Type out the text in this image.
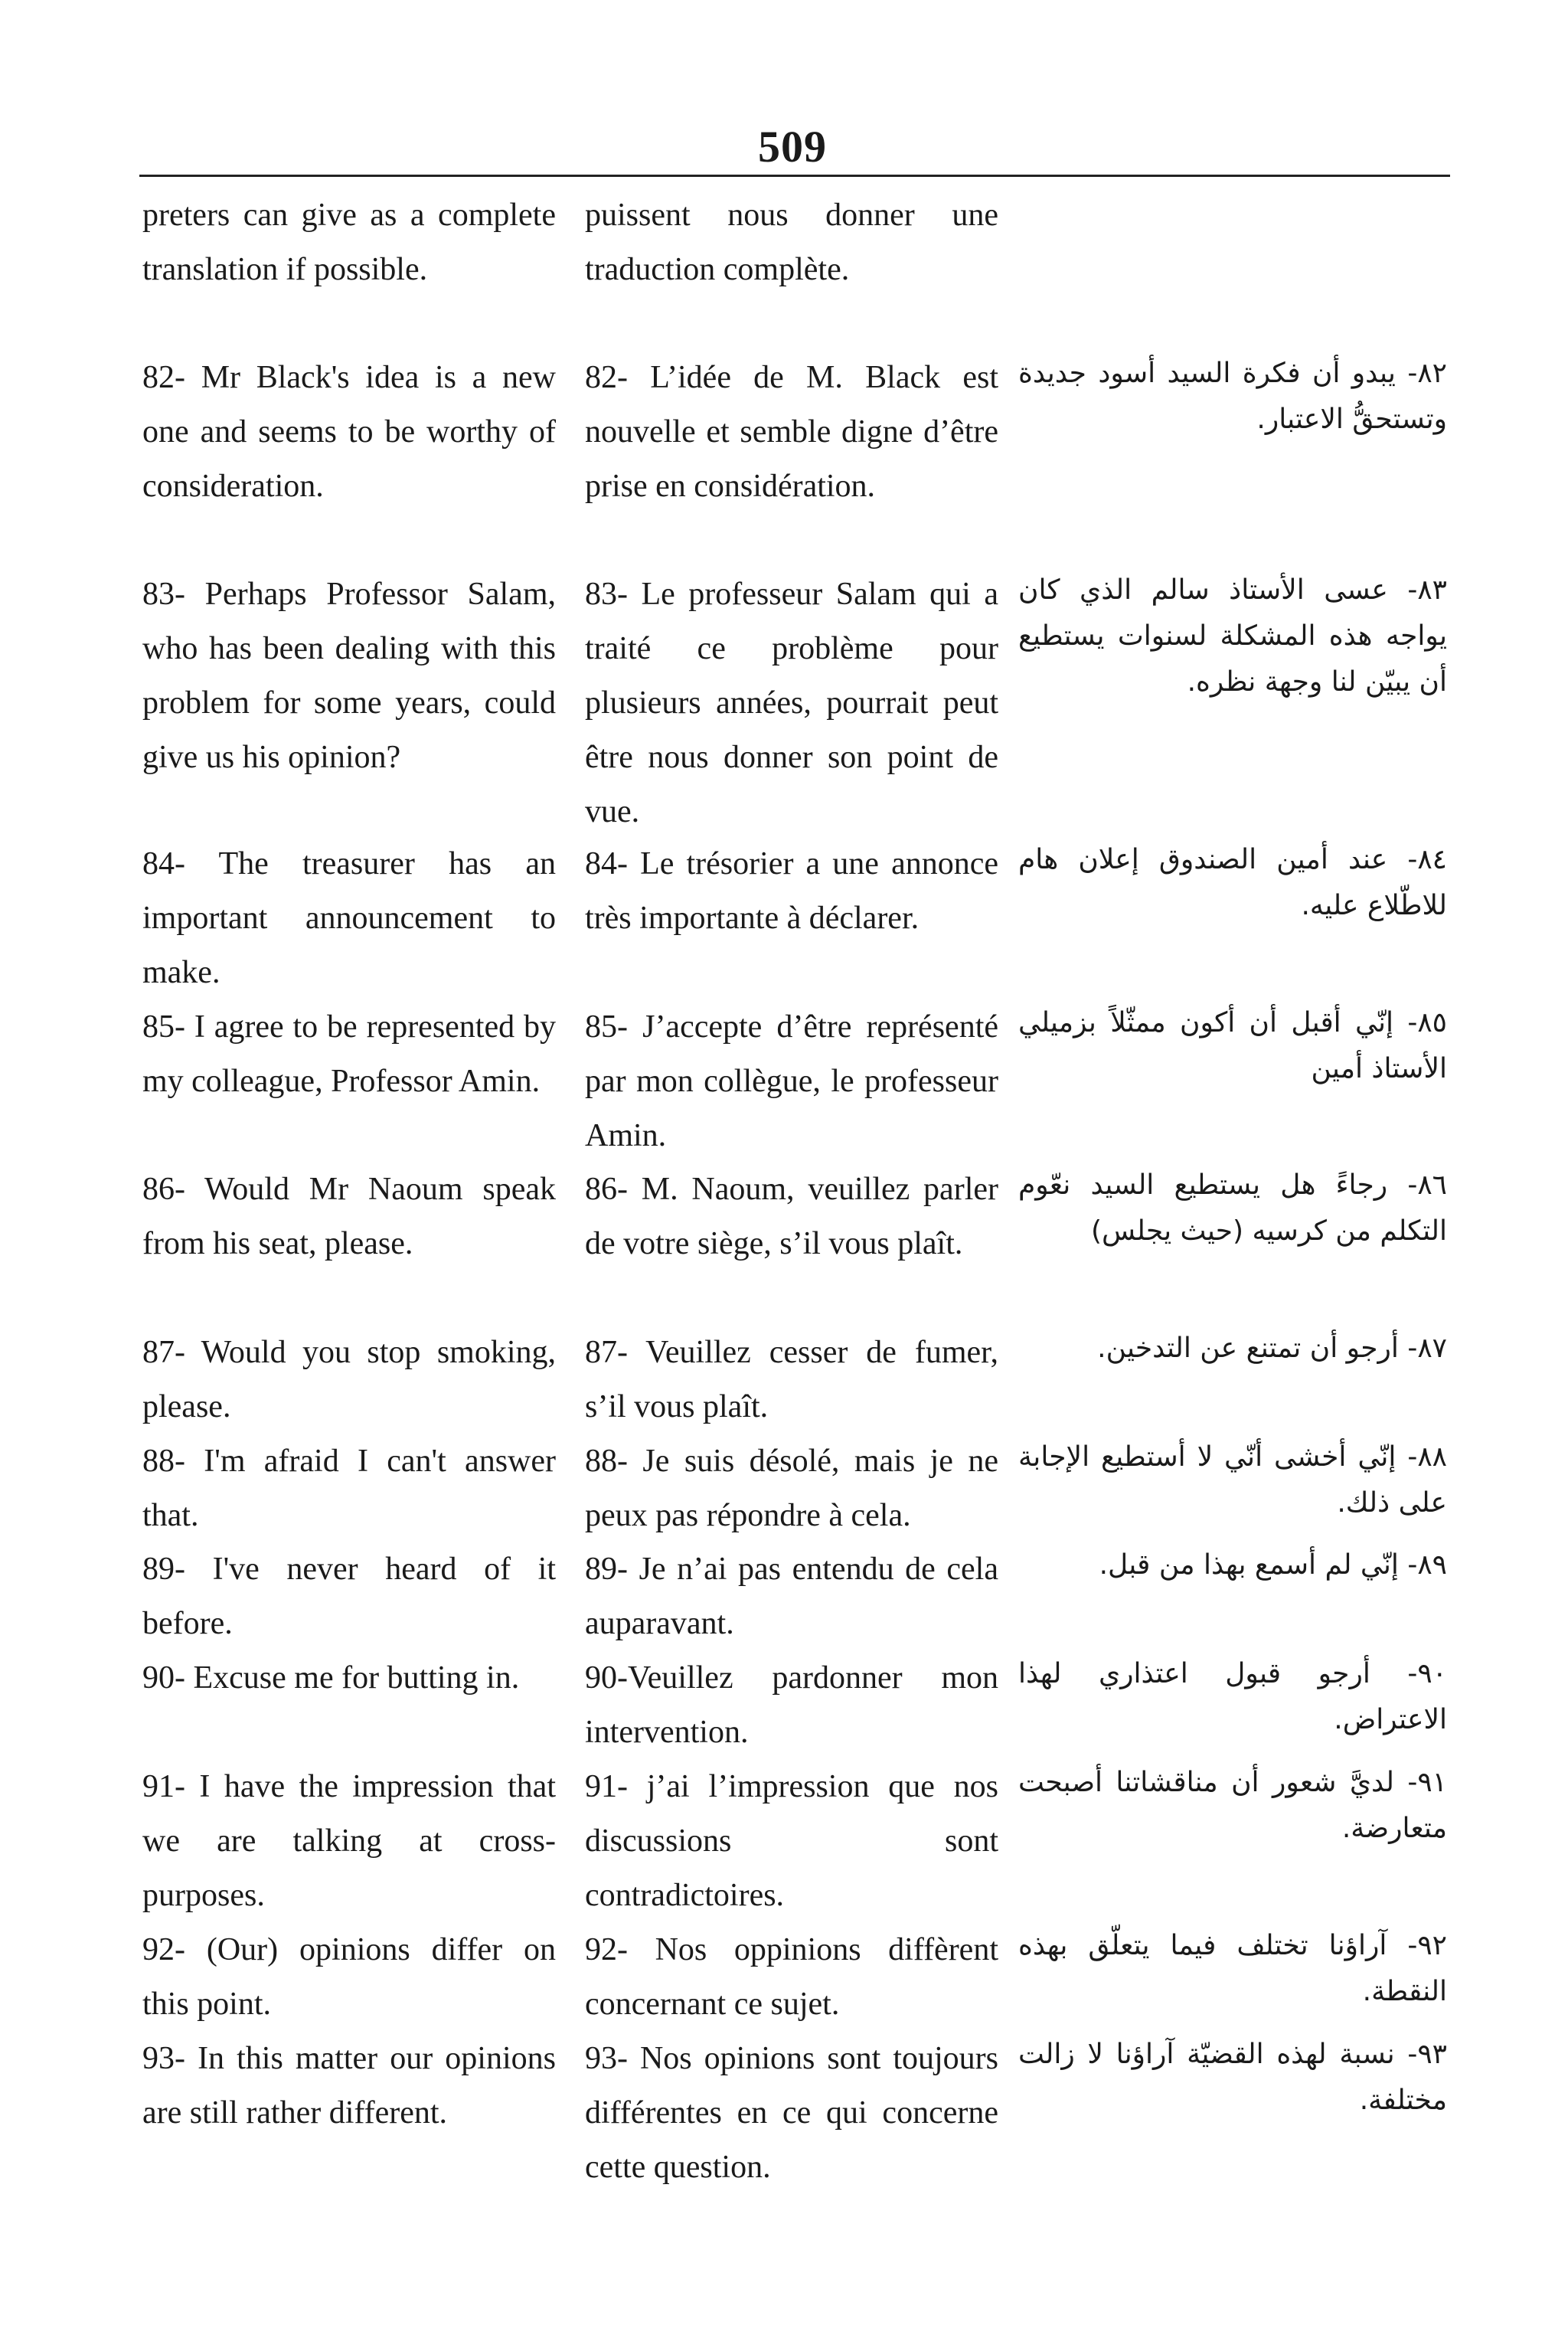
509
preters can give as a complete translation if possible.
puissent nous donner une traduction complète.
82- Mr Black's idea is a new one and seems to be worthy of consideration.
82- L’idée de M. Black est nouvelle et semble digne d’être prise en considération.
٨٢- يبدو أن فكرة السيد أسود جديدة وتستحقُّ الاعتبار.
83- Perhaps Professor Salam, who has been dealing with this problem for some years, could give us his opinion?
83- Le professeur Salam qui a traité ce problème pour plusieurs années, pourrait peut être nous donner son point de vue.
٨٣- عسى الأستاذ سالم الذي كان يواجه هذه المشكلة لسنوات يستطيع أن يبيّن لنا وجهة نظره.
84- The treasurer has an important announcement to make.
84- Le trésorier a une annonce très importante à déclarer.
٨٤- عند أمين الصندوق إعلان هام للاطّلاع عليه.
85- I agree to be represented by my colleague, Professor Amin.
85- J’accepte d’être représenté par mon collègue, le professeur Amin.
٨٥- إنّي أقبل أن أكون ممثّلاً بزميلي الأستاذ أمين
86- Would Mr Naoum speak from his seat, please.
86- M. Naoum, veuillez parler de votre siège, s’il vous plaît.
٨٦- رجاءً هل يستطيع السيد نعّوم التكلم من كرسيه (حيث يجلس)
87- Would you stop smoking, please.
87- Veuillez cesser de fumer, s’il vous plaît.
٨٧- أرجو أن تمتنع عن التدخين.
88- I'm afraid I can't answer that.
88- Je suis désolé, mais je ne peux pas répondre à cela.
٨٨- إنّي أخشى أنّي لا أستطيع الإجابة على ذلك.
89- I've never heard of it before.
89- Je n’ai pas entendu de cela auparavant.
٨٩- إنّي لم أسمع بهذا من قبل.
90- Excuse me for butting in.	90-Veuillez pardonner mon intervention.
٩٠- أرجو قبول اعتذاري لهذا الاعتراض.
91- I have the impression that we are talking at cross-purposes.
91- j’ai l’impression que nos discussions sont contradictoires.
٩١- لديَّ شعور أن مناقشاتنا أصبحت متعارضة.
92- (Our) opinions differ on this point.
92- Nos oppinions diffèrent concernant ce sujet.
٩٢- آراؤنا تختلف فيما يتعلّق بهذه النقطة.
93- In this matter our opinions are still rather different.
93- Nos opinions sont toujours différentes en ce qui concerne cette question.
٩٣- نسبة لهذه القضيّة آراؤنا لا زالت مختلفة.
